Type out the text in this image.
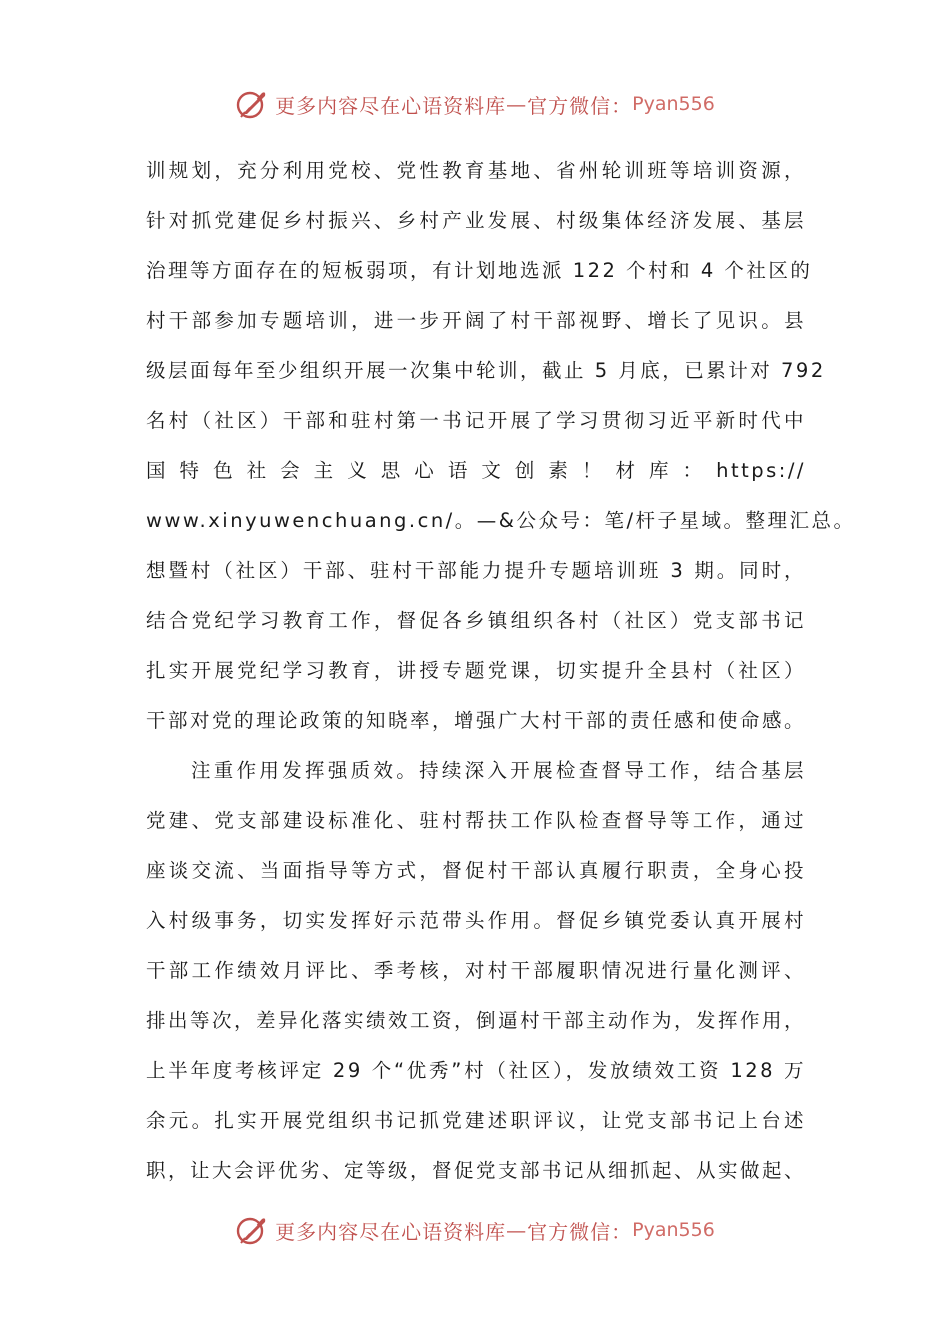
更多内容尽在心语资料库 — 官方微信： Pyan556
训规划，充分利用党校、党性教育基地、省州轮训班等培训资源，
针对抓党建促乡村振兴、乡村产业发展、村级集体经济发展、基层
治理等方面存在的短板弱项，有计划地选派 122 个村和 4 个社区的
村干部参加专题培训，进一步开阔了村干部视野、增长了见识。县
级层面每年至少组织开展一次集中轮训，截止 5 月底，已累计对 792
名村（社区）干部和驻村第一书记开展了学习贯彻习近平新时代中
国特色社会主义思心语文创素！材库：https://
www.xinyuwenchuang.cn/。—&公众号：笔/杆子星域。整理汇总。
想暨村（社区）干部、驻村干部能力提升专题培训班 3 期。同时，
结合党纪学习教育工作，督促各乡镇组织各村（社区）党支部书记
扎实开展党纪学习教育，讲授专题党课，切实提升全县村（社区）
干部对党的理论政策的知晓率，增强广大村干部的责任感和使命感。
注重作用发挥强质效。持续深入开展检查督导工作，结合基层
党建、党支部建设标准化、驻村帮扶工作队检查督导等工作，通过
座谈交流、当面指导等方式，督促村干部认真履行职责，全身心投
入村级事务，切实发挥好示范带头作用。督促乡镇党委认真开展村
干部工作绩效月评比、季考核，对村干部履职情况进行量化测评、
排出等次，差异化落实绩效工资，倒逼村干部主动作为，发挥作用，
上半年度考核评定 29 个“优秀”村（社区），发放绩效工资 128 万
余元。扎实开展党组织书记抓党建述职评议，让党支部书记上台述
职，让大会评优劣、定等级，督促党支部书记从细抓起、从实做起、
更多内容尽在心语资料库 — 官方微信： Pyan556
